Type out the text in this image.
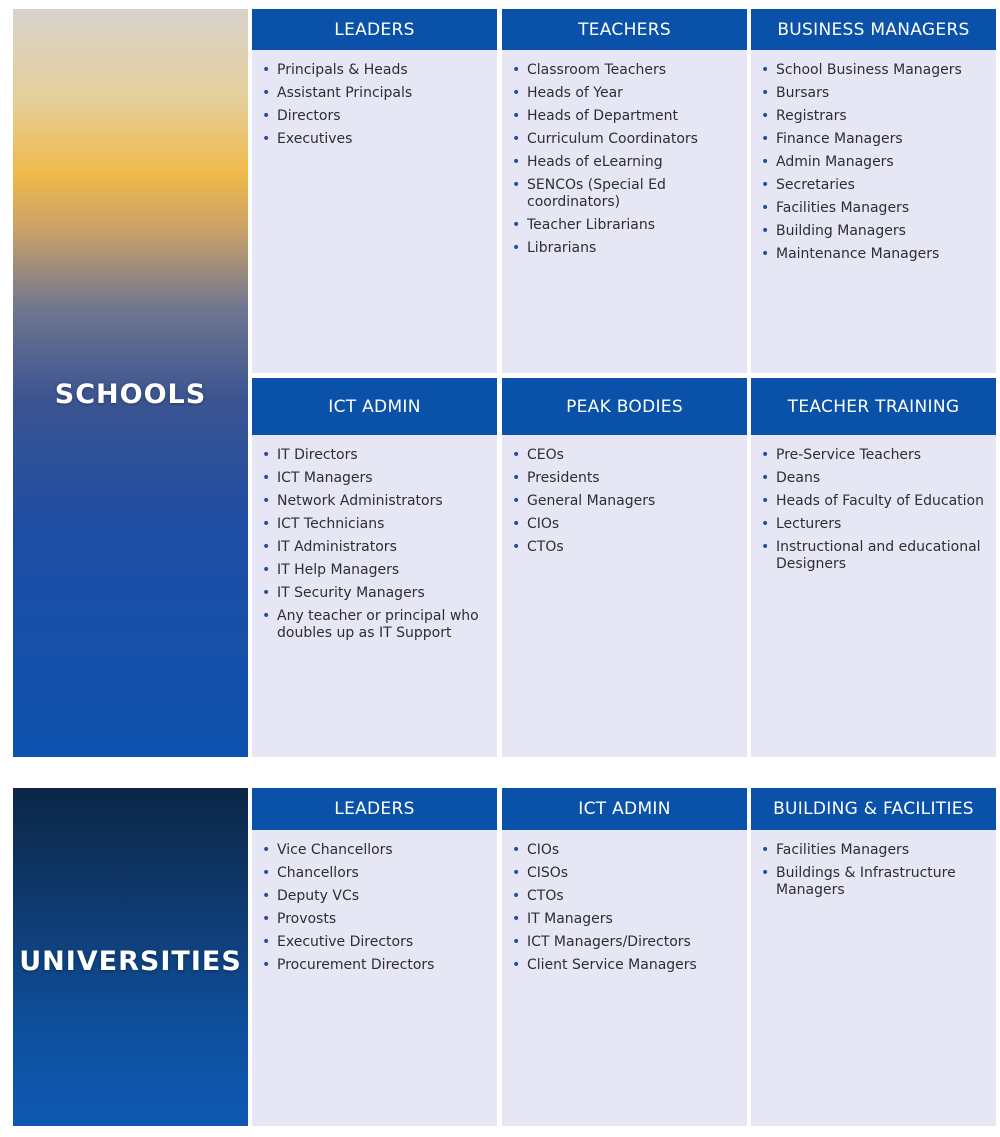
SCHOOLS
UNIVERSITIES
LEADERS
• Principals & Heads
• Assistant Principals
• Directors
• Executives
TEACHERS
• Classroom Teachers
• Heads of Year
• Heads of Department
• Curriculum Coordinators
• Heads of eLearning
• SENCOs (Special Ed coordinators)
• Teacher Librarians
• Librarians
BUSINESS MANAGERS
• School Business Managers
• Bursars
• Registrars
• Finance Managers
• Admin Managers
• Secretaries
• Facilities Managers
• Building Managers
• Maintenance Managers
ICT ADMIN
• IT Directors
• ICT Managers
• Network Administrators
• ICT Technicians
• IT Administrators
• IT Help Managers
• IT Security Managers
• Any teacher or principal who doubles up as IT Support
PEAK BODIES
• CEOs
• Presidents
• General Managers
• CIOs
• CTOs
TEACHER TRAINING
• Pre-Service Teachers
• Deans
• Heads of Faculty of Education
• Lecturers
• Instructional and educational Designers
LEADERS
• Vice Chancellors
• Chancellors
• Deputy VCs
• Provosts
• Executive Directors
• Procurement Directors
ICT ADMIN
• CIOs
• CISOs
• CTOs
• IT Managers
• ICT Managers/Directors
• Client Service Managers
BUILDING & FACILITIES
• Facilities Managers
• Buildings & Infrastructure Managers
